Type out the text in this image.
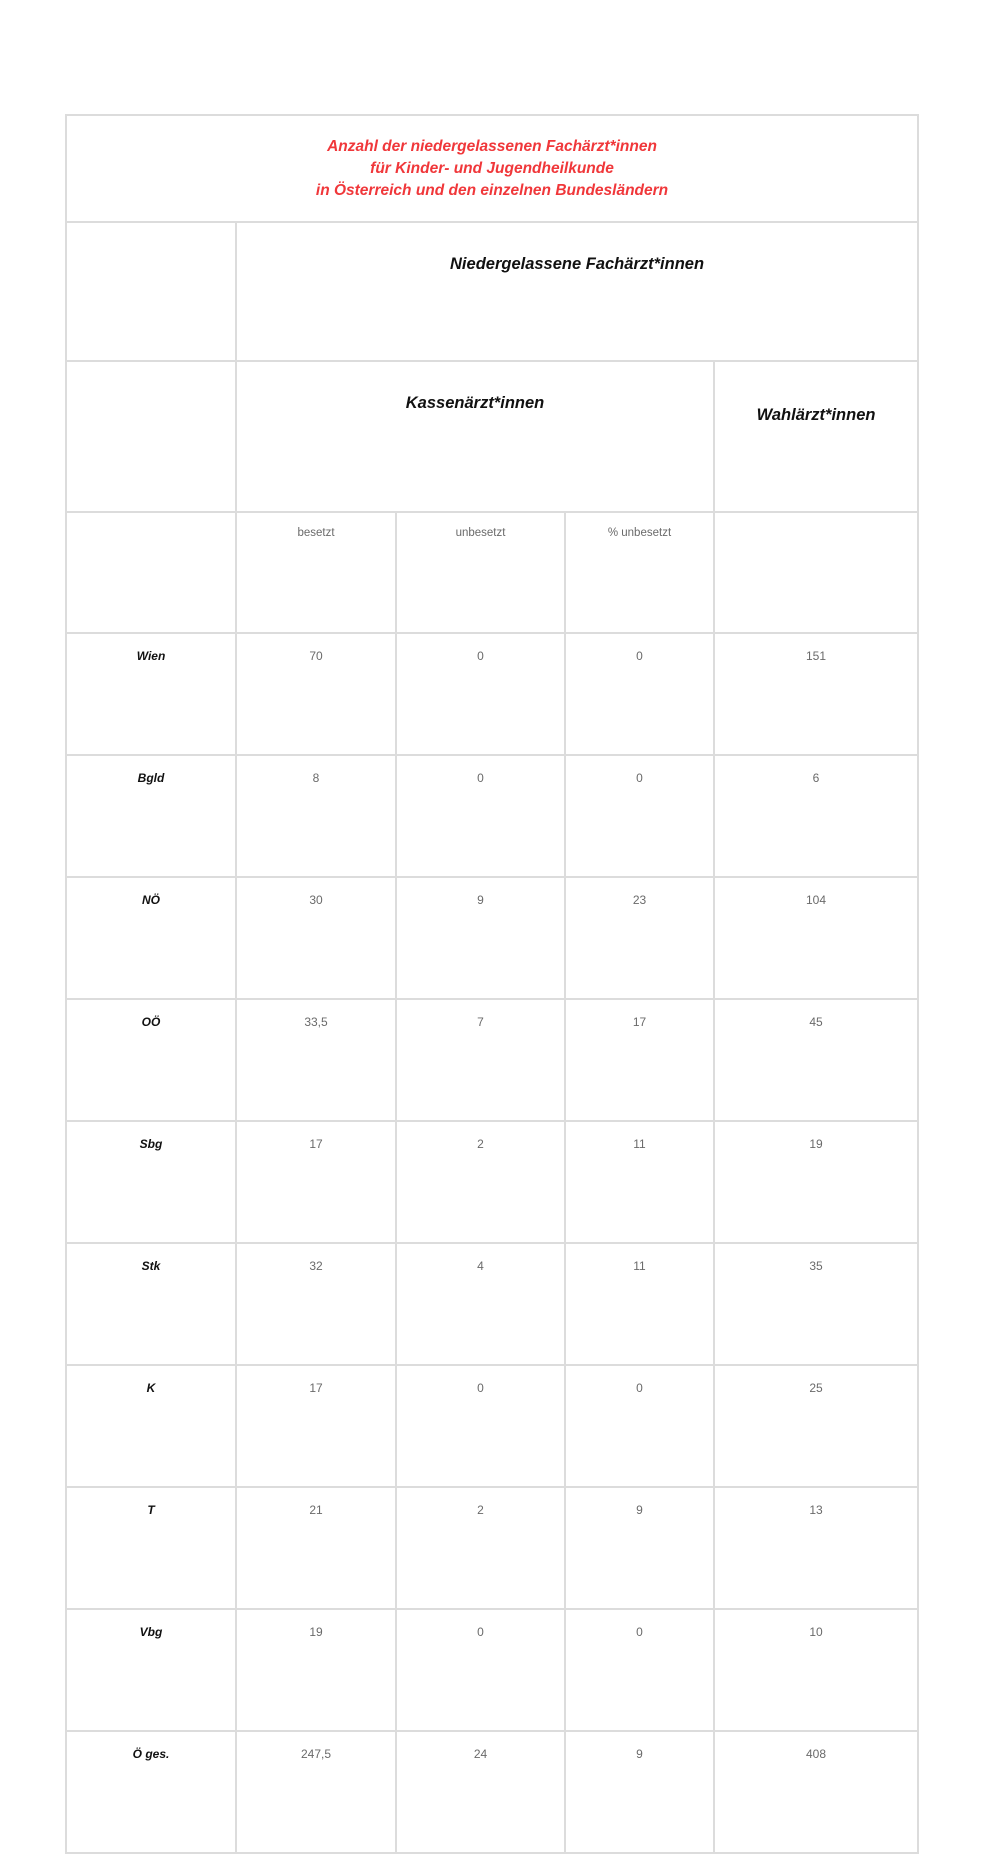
Anzahl der niedergelassenen Fachärzt*innen
für Kinder- und Jugendheilkunde
in Österreich und den einzelnen Bundesländern				

	Niedergelassene Fachärzt*innen			
	Kassenärzt*innen			Wahlärzt*innen
	besetzt	unbesetzt	% unbesetzt	
Wien	70	0	0	151
Bgld	8	0	0	6
NÖ	30	9	23	104
OÖ	33,5	7	17	45
Sbg	17	2	11	19
Stk	32	4	11	35
K	17	0	0	25
T	21	2	9	13
Vbg	19	0	0	10
Ö ges.	247,5	24	9	408
